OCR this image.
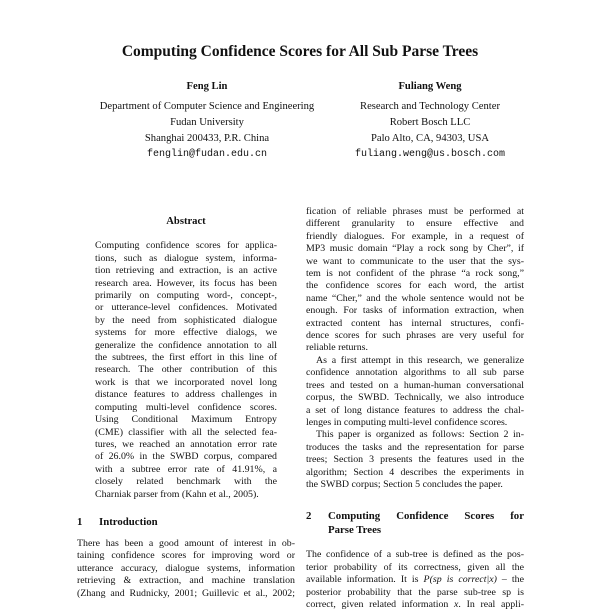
Computing Confidence Scores for All Sub Parse Trees
Feng Lin
Department of Computer Science and Engineering
Fudan University
Shanghai 200433, P.R. China
fenglin@fudan.edu.cn
Fuliang Weng
Research and Technology Center
Robert Bosch LLC
Palo Alto, CA, 94303, USA
fuliang.weng@us.bosch.com
Abstract
Computing confidence scores for applica-
tions, such as dialogue system, informa-
tion retrieving and extraction, is an active
research area. However, its focus has been
primarily on computing word-, concept-,
or utterance-level confidences. Motivated
by the need from sophisticated dialogue
systems for more effective dialogs, we
generalize the confidence annotation to all
the subtrees, the first effort in this line of
research. The other contribution of this
work is that we incorporated novel long
distance features to address challenges in
computing multi-level confidence scores.
Using Conditional Maximum Entropy
(CME) classifier with all the selected fea-
tures, we reached an annotation error rate
of 26.0% in the SWBD corpus, compared
with a subtree error rate of 41.91%, a
closely related benchmark with the
Charniak parser from (Kahn et al., 2005).
1	Introduction
There has been a good amount of interest in ob-
taining confidence scores for improving word or
utterance accuracy, dialogue systems, information
retrieving & extraction, and machine translation
(Zhang and Rudnicky, 2001; Guillevic et al., 2002;
fication of reliable phrases must be performed at
different granularity to ensure effective and
friendly dialogues. For example, in a request of
MP3 music domain “Play a rock song by Cher”, if
we want to communicate to the user that the sys-
tem is not confident of the phrase “a rock song,”
the confidence scores for each word, the artist
name “Cher,” and the whole sentence would not be
enough. For tasks of information extraction, when
extracted content has internal structures, confi-
dence scores for such phrases are very useful for
reliable returns.
As a first attempt in this research, we generalize
confidence annotation algorithms to all sub parse
trees and tested on a human-human conversational
corpus, the SWBD. Technically, we also introduce
a set of long distance features to address the chal-
lenges in computing multi-level confidence scores.
This paper is organized as follows: Section 2 in-
troduces the tasks and the representation for parse
trees; Section 3 presents the features used in the
algorithm; Section 4 describes the experiments in
the SWBD corpus; Section 5 concludes the paper.
2	Computing Confidence Scores for
Parse Trees
The confidence of a sub-tree is defined as the pos-
terior probability of its correctness, given all the
available information. It is P(sp is correct|x) – the
posterior probability that the parse sub-tree sp is
correct, given related information x. In real appli-
